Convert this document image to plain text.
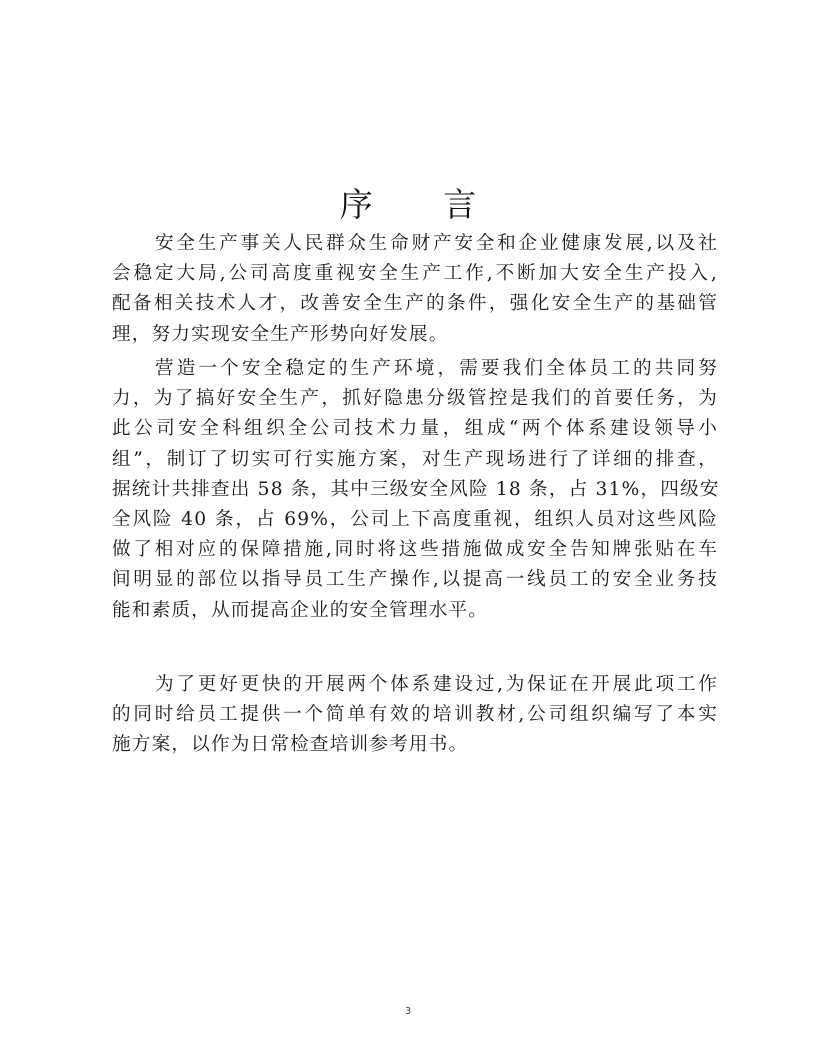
序 言
安全生产事关人民群众生命财产安全和企业健康发展,以及社
会稳定大局,公司高度重视安全生产工作,不断加大安全生产投入,
配备相关技术人才，改善安全生产的条件，强化安全生产的基础管
理，努力实现安全生产形势向好发展。
营造一个安全稳定的生产环境，需要我们全体员工的共同努
力，为了搞好安全生产，抓好隐患分级管控是我们的首要任务，为
此公司安全科组织全公司技术力量，组成“两个体系建设领导小
组”，制订了切实可行实施方案，对生产现场进行了详细的排查，
据统计共排查出 58 条，其中三级安全风险 18 条，占 31%，四级安
全风险 40 条，占 69%，公司上下高度重视，组织人员对这些风险
做了相对应的保障措施,同时将这些措施做成安全告知牌张贴在车
间明显的部位以指导员工生产操作,以提高一线员工的安全业务技
能和素质，从而提高企业的安全管理水平。
为了更好更快的开展两个体系建设过,为保证在开展此项工作
的同时给员工提供一个简单有效的培训教材,公司组织编写了本实
施方案，以作为日常检查培训参考用书。
3
